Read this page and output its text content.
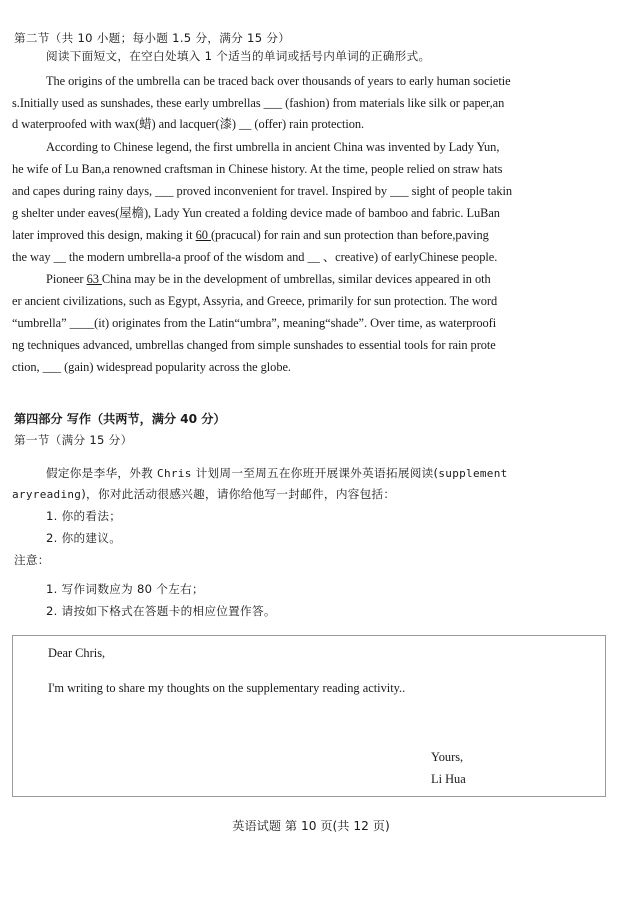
第二节（共 10 小题；每小题 1.5 分，满分 15 分）
阅读下面短文，在空白处填入 1 个适当的单词或括号内单词的正确形式。
The origins of the umbrella can be traced back over thousands of years to early human societie
s.Initially used as sunshades, these early umbrellas ___ (fashion) from materials like silk or paper,an
d waterproofed with wax(蜡) and lacquer(漆) __ (offer) rain protection.
According to Chinese legend, the first umbrella in ancient China was invented by Lady Yun,
he wife of Lu Ban,a renowned craftsman in Chinese history. At the time, people relied on straw hats
and capes during rainy days, ___ proved inconvenient for travel. Inspired by ___ sight of people takin
g shelter under eaves(屋檐), Lady Yun created a folding device made of bamboo and fabric. LuBan
later improved this design, making it 60 (pracucal) for rain and sun protection than before,paving
the way __ the modern umbrella-a proof of the wisdom and __ 、creative) of earlyChinese people.
Pioneer 63 China may be in the development of umbrellas, similar devices appeared in oth
er ancient civilizations, such as Egypt, Assyria, and Greece, primarily for sun protection. The word
“umbrella” ____(it) originates from the Latin“umbra”, meaning“shade”. Over time, as waterproofi
ng techniques advanced, umbrellas changed from simple sunshades to essential tools for rain prote
ction, ___ (gain) widespread popularity across the globe.
第四部分 写作（共两节，满分 40 分）
第一节（满分 15 分）
假定你是李华，外教 Chris 计划周一至周五在你班开展课外英语拓展阅读(supplement
aryreading)，你对此活动很感兴趣，请你给他写一封邮件，内容包括：
1. 你的看法；
2. 你的建议。
注意：
1. 写作词数应为 80 个左右；
2. 请按如下格式在答题卡的相应位置作答。
Dear Chris,
I'm writing to share my thoughts on the supplementary reading activity..
Yours,
Li Hua
英语试题 第 10 页(共 12 页)
